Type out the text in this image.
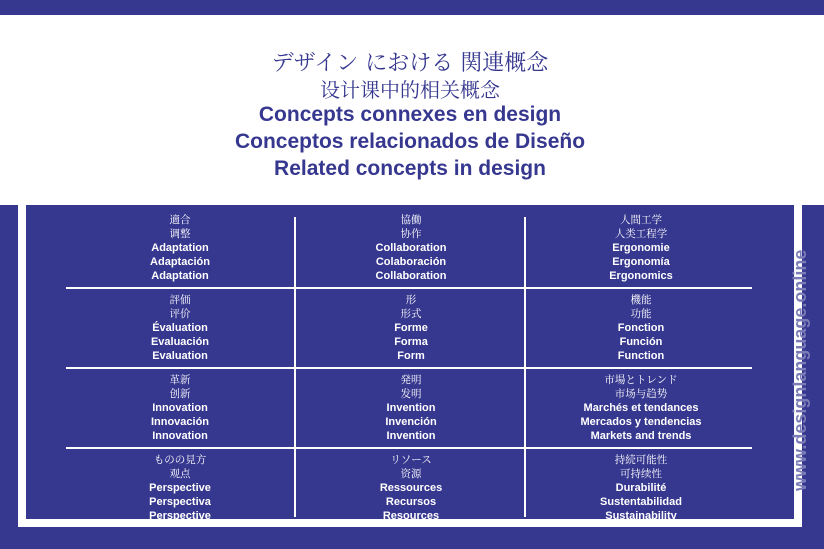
デザイン における 関連概念
设计课中的相关概念
Concepts connexes en design
Conceptos relacionados de Diseño
Related concepts in design
適合
调整
Adaptation
Adaptación
Adaptation
協働
协作
Collaboration
Colaboración
Collaboration
人間工学
人类工程学
Ergonomie
Ergonomía
Ergonomics
評価
评价
Évaluation
Evaluación
Evaluation
形
形式
Forme
Forma
Form
機能
功能
Fonction
Función
Function
革新
创新
Innovation
Innovación
Innovation
発明
发明
Invention
Invención
Invention
市場とトレンド
市场与趋势
Marchés et tendances
Mercados y tendencias
Markets and trends
ものの見方
观点
Perspective
Perspectiva
Perspective
リソース
资源
Ressources
Recursos
Resources
持続可能性
可持续性
Durabilité
Sustentabilidad
Sustainability
www.designlanguage.online
